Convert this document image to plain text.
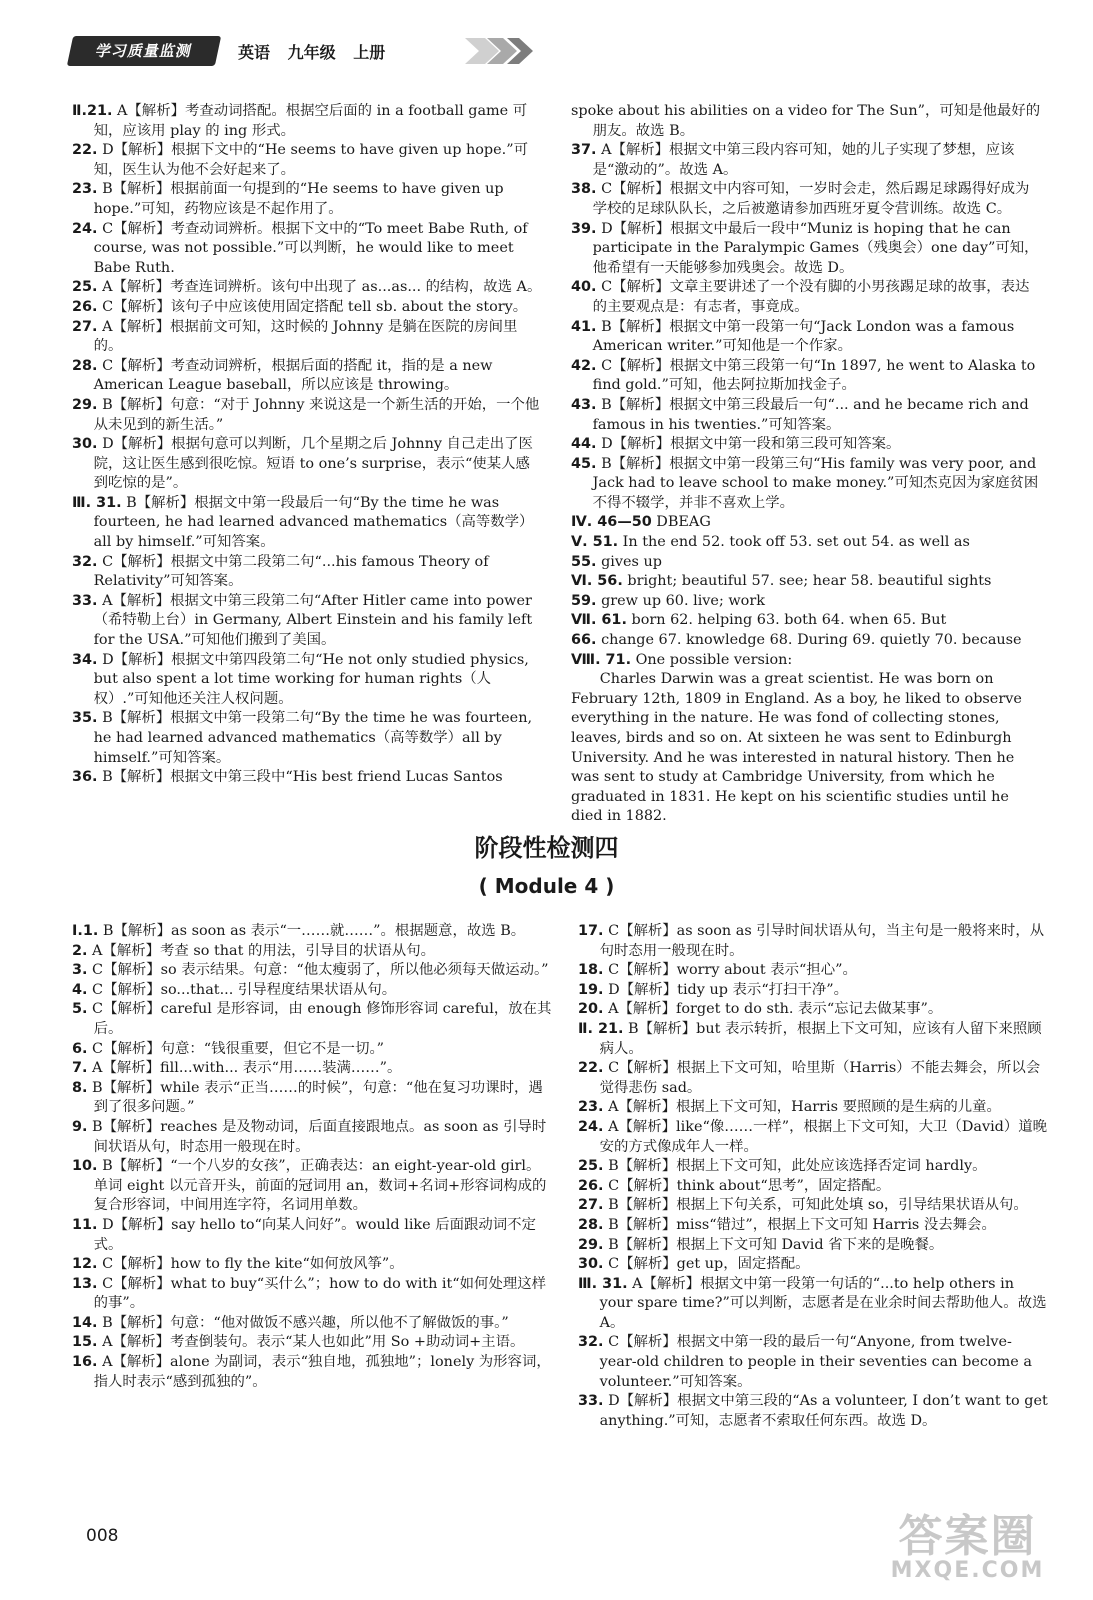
学习质量监测	英语 九年级 上册

Ⅱ.21. A【解析】考查动词搭配。根据空后面的 in a football game 可知，应该用 play 的 ing 形式。

22. D【解析】根据下文中的“He seems to have given up hope.”可知，医生认为他不会好起来了。

23. B【解析】根据前面一句提到的“He seems to have given up hope.”可知，药物应该是不起作用了。

24. C【解析】考查动词辨析。根据下文中的“To meet Babe Ruth, of course, was not possible.”可以判断，he would like to meet Babe Ruth.

25. A【解析】考查连词辨析。该句中出现了 as...as... 的结构，故选 A。

26. C【解析】该句子中应该使用固定搭配 tell sb. about the story。

27. A【解析】根据前文可知，这时候的 Johnny 是躺在医院的房间里的。

28. C【解析】考查动词辨析，根据后面的搭配 it，指的是 a new American League baseball，所以应该是 throwing。

29. B【解析】句意：“对于 Johnny 来说这是一个新生活的开始，一个他从未见到的新生活。”

30. D【解析】根据句意可以判断，几个星期之后 Johnny 自己走出了医院，这让医生感到很吃惊。短语 to one’s surprise，表示“使某人感到吃惊的是”。

Ⅲ. 31. B【解析】根据文中第一段最后一句“By the time he was fourteen, he had learned advanced mathematics（高等数学）all by himself.”可知答案。

32. C【解析】根据文中第二段第二句“...his famous Theory of Relativity”可知答案。

33. A【解析】根据文中第三段第二句“After Hitler came into power（希特勒上台）in Germany, Albert Einstein and his family left for the USA.”可知他们搬到了美国。

34. D【解析】根据文中第四段第二句“He not only studied physics, but also spent a lot time working for human rights（人权）.”可知他还关注人权问题。

35. B【解析】根据文中第一段第二句“By the time he was fourteen, he had learned advanced mathematics（高等数学）all by himself.”可知答案。

36. B【解析】根据文中第三段中“His best friend Lucas Santos

spoke about his abilities on a video for The Sun”，可知是他最好的朋友。故选 B。

37. A【解析】根据文中第三段内容可知，她的儿子实现了梦想，应该是“激动的”。故选 A。

38. C【解析】根据文中内容可知，一岁时会走，然后踢足球踢得好成为学校的足球队队长，之后被邀请参加西班牙夏令营训练。故选 C。

39. D【解析】根据文中最后一段中“Muniz is hoping that he can participate in the Paralympic Games（残奥会）one day”可知，他希望有一天能够参加残奥会。故选 D。

40. C【解析】文章主要讲述了一个没有脚的小男孩踢足球的故事，表达的主要观点是：有志者，事竟成。

41. B【解析】根据文中第一段第一句“Jack London was a famous American writer.”可知他是一个作家。

42. C【解析】根据文中第三段第一句“In 1897, he went to Alaska to find gold.”可知，他去阿拉斯加找金子。

43. B【解析】根据文中第三段最后一句“... and he became rich and famous in his twenties.”可知答案。

44. D【解析】根据文中第一段和第三段可知答案。

45. B【解析】根据文中第一段第三句“His family was very poor, and Jack had to leave school to make money.”可知杰克因为家庭贫困不得不辍学，并非不喜欢上学。

Ⅳ. 46—50 DBEAG

Ⅴ. 51. In the end 52. took off 53. set out 54. as well as

55. gives up

Ⅵ. 56. bright; beautiful 57. see; hear 58. beautiful sights

59. grew up 60. live; work

Ⅶ. 61. born 62. helping 63. both 64. when 65. But

66. change 67. knowledge 68. During 69. quietly 70. because

Ⅷ. 71. One possible version:

Charles Darwin was a great scientist. He was born on February 12th, 1809 in England. As a boy, he liked to observe everything in the nature. He was fond of collecting stones, leaves, birds and so on. At sixteen he was sent to Edinburgh University. And he was interested in natural history. Then he was sent to study at Cambridge University, from which he graduated in 1831. He kept on his scientific studies until he died in 1882.

阶段性检测四
( Module 4 )

Ⅰ.1. B【解析】as soon as 表示“一……就……”。根据题意，故选 B。

2. A【解析】考查 so that 的用法，引导目的状语从句。

3. C【解析】so 表示结果。句意：“他太瘦弱了，所以他必须每天做运动。”

4. C【解析】so...that... 引导程度结果状语从句。

5. C【解析】careful 是形容词，由 enough 修饰形容词 careful，放在其后。

6. C【解析】句意：“钱很重要，但它不是一切。”

7. A【解析】fill...with... 表示“用……装满……”。

8. B【解析】while 表示“正当……的时候”，句意：“他在复习功课时，遇到了很多问题。”

9. B【解析】reaches 是及物动词，后面直接跟地点。as soon as 引导时间状语从句，时态用一般现在时。

10. B【解析】“一个八岁的女孩”，正确表达：an eight-year-old girl。单词 eight 以元音开头，前面的冠词用 an，数词+名词+形容词构成的复合形容词，中间用连字符，名词用单数。

11. D【解析】say hello to“向某人问好”。would like 后面跟动词不定式。

12. C【解析】how to fly the kite“如何放风筝”。

13. C【解析】what to buy“买什么”；how to do with it“如何处理这样的事”。

14. B【解析】句意：“他对做饭不感兴趣，所以他不了解做饭的事。”

15. A【解析】考查倒装句。表示“某人也如此”用 So +助动词+主语。

16. A【解析】alone 为副词，表示“独自地，孤独地”；lonely 为形容词，指人时表示“感到孤独的”。

17. C【解析】as soon as 引导时间状语从句，当主句是一般将来时，从句时态用一般现在时。

18. C【解析】worry about 表示“担心”。

19. D【解析】tidy up 表示“打扫干净”。

20. A【解析】forget to do sth. 表示“忘记去做某事”。

Ⅱ. 21. B【解析】but 表示转折，根据上下文可知，应该有人留下来照顾病人。

22. C【解析】根据上下文可知，哈里斯（Harris）不能去舞会，所以会觉得悲伤 sad。

23. A【解析】根据上下文可知，Harris 要照顾的是生病的儿童。

24. A【解析】like“像……一样”，根据上下文可知，大卫（David）道晚安的方式像成年人一样。

25. B【解析】根据上下文可知，此处应该选择否定词 hardly。

26. C【解析】think about“思考”，固定搭配。

27. B【解析】根据上下句关系，可知此处填 so，引导结果状语从句。

28. B【解析】miss“错过”，根据上下文可知 Harris 没去舞会。

29. B【解析】根据上下文可知 David 省下来的是晚餐。

30. C【解析】get up，固定搭配。

Ⅲ. 31. A【解析】根据文中第一段第一句话的“...to help others in your spare time?”可以判断，志愿者是在业余时间去帮助他人。故选 A。

32. C【解析】根据文中第一段的最后一句“Anyone, from twelve-year-old children to people in their seventies can become a volunteer.”可知答案。

33. D【解析】根据文中第三段的“As a volunteer, I don’t want to get anything.”可知，志愿者不索取任何东西。故选 D。

008	答案圈
MXQE.COM
